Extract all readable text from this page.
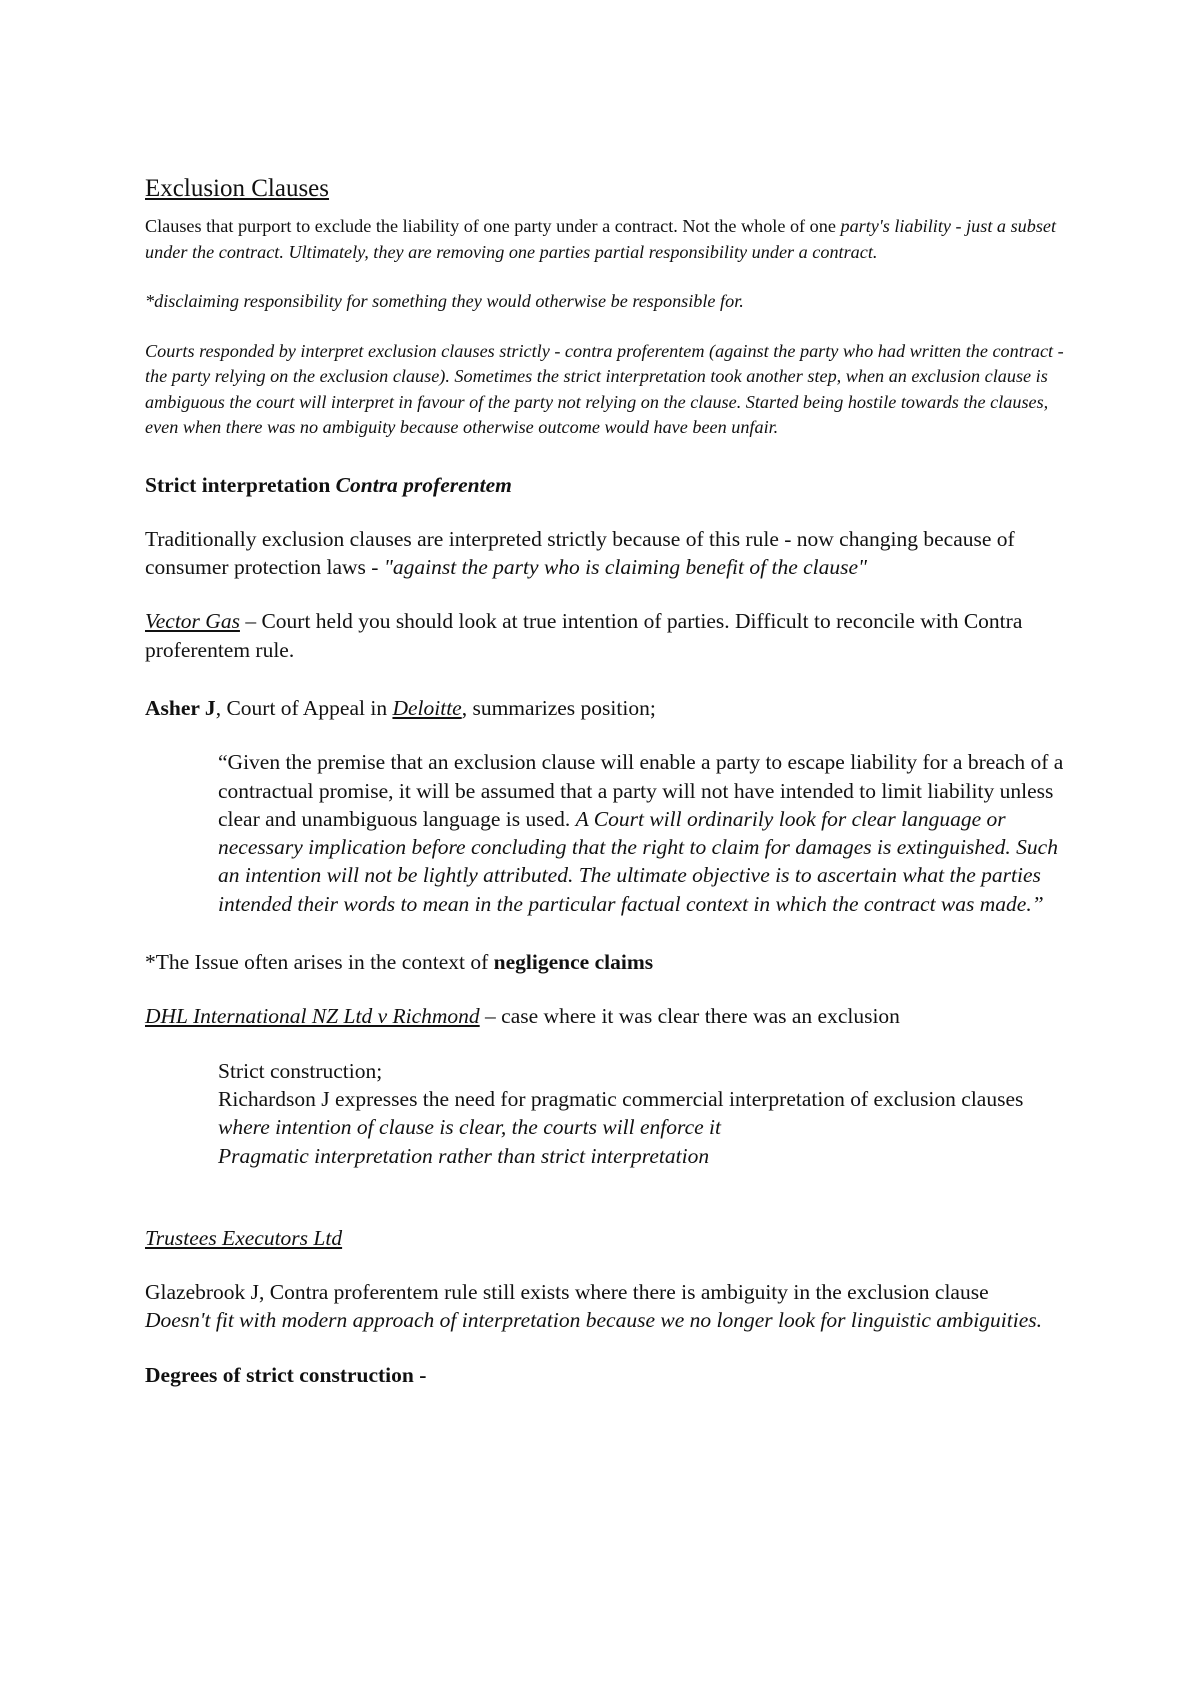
Exclusion Clauses

Clauses that purport to exclude the liability of one party under a contract. Not the whole of one party's liability - just a subset under the contract. Ultimately, they are removing one parties partial responsibility under a contract.

*disclaiming responsibility for something they would otherwise be responsible for.

Courts responded by interpret exclusion clauses strictly - contra proferentem (against the party who had written the contract - the party relying on the exclusion clause). Sometimes the strict interpretation took another step, when an exclusion clause is ambiguous the court will interpret in favour of the party not relying on the clause. Started being hostile towards the clauses, even when there was no ambiguity because otherwise outcome would have been unfair.

Strict interpretation Contra proferentem

Traditionally exclusion clauses are interpreted strictly because of this rule - now changing because of consumer protection laws - "against the party who is claiming benefit of the clause"

Vector Gas – Court held you should look at true intention of parties. Difficult to reconcile with Contra proferentem rule.

Asher J, Court of Appeal in Deloitte, summarizes position;

“Given the premise that an exclusion clause will enable a party to escape liability for a breach of a contractual promise, it will be assumed that a party will not have intended to limit liability unless clear and unambiguous language is used. A Court will ordinarily look for clear language or necessary implication before concluding that the right to claim for damages is extinguished. Such an intention will not be lightly attributed. The ultimate objective is to ascertain what the parties intended their words to mean in the particular factual context in which the contract was made.”

*The Issue often arises in the context of negligence claims

DHL International NZ Ltd v Richmond – case where it was clear there was an exclusion

Strict construction;

Richardson J expresses the need for pragmatic commercial interpretation of exclusion clauses where intention of clause is clear, the courts will enforce it

Pragmatic interpretation rather than strict interpretation

Trustees Executors Ltd

Glazebrook J, Contra proferentem rule still exists where there is ambiguity in the exclusion clause

Doesn't fit with modern approach of interpretation because we no longer look for linguistic ambiguities.

Degrees of strict construction -
